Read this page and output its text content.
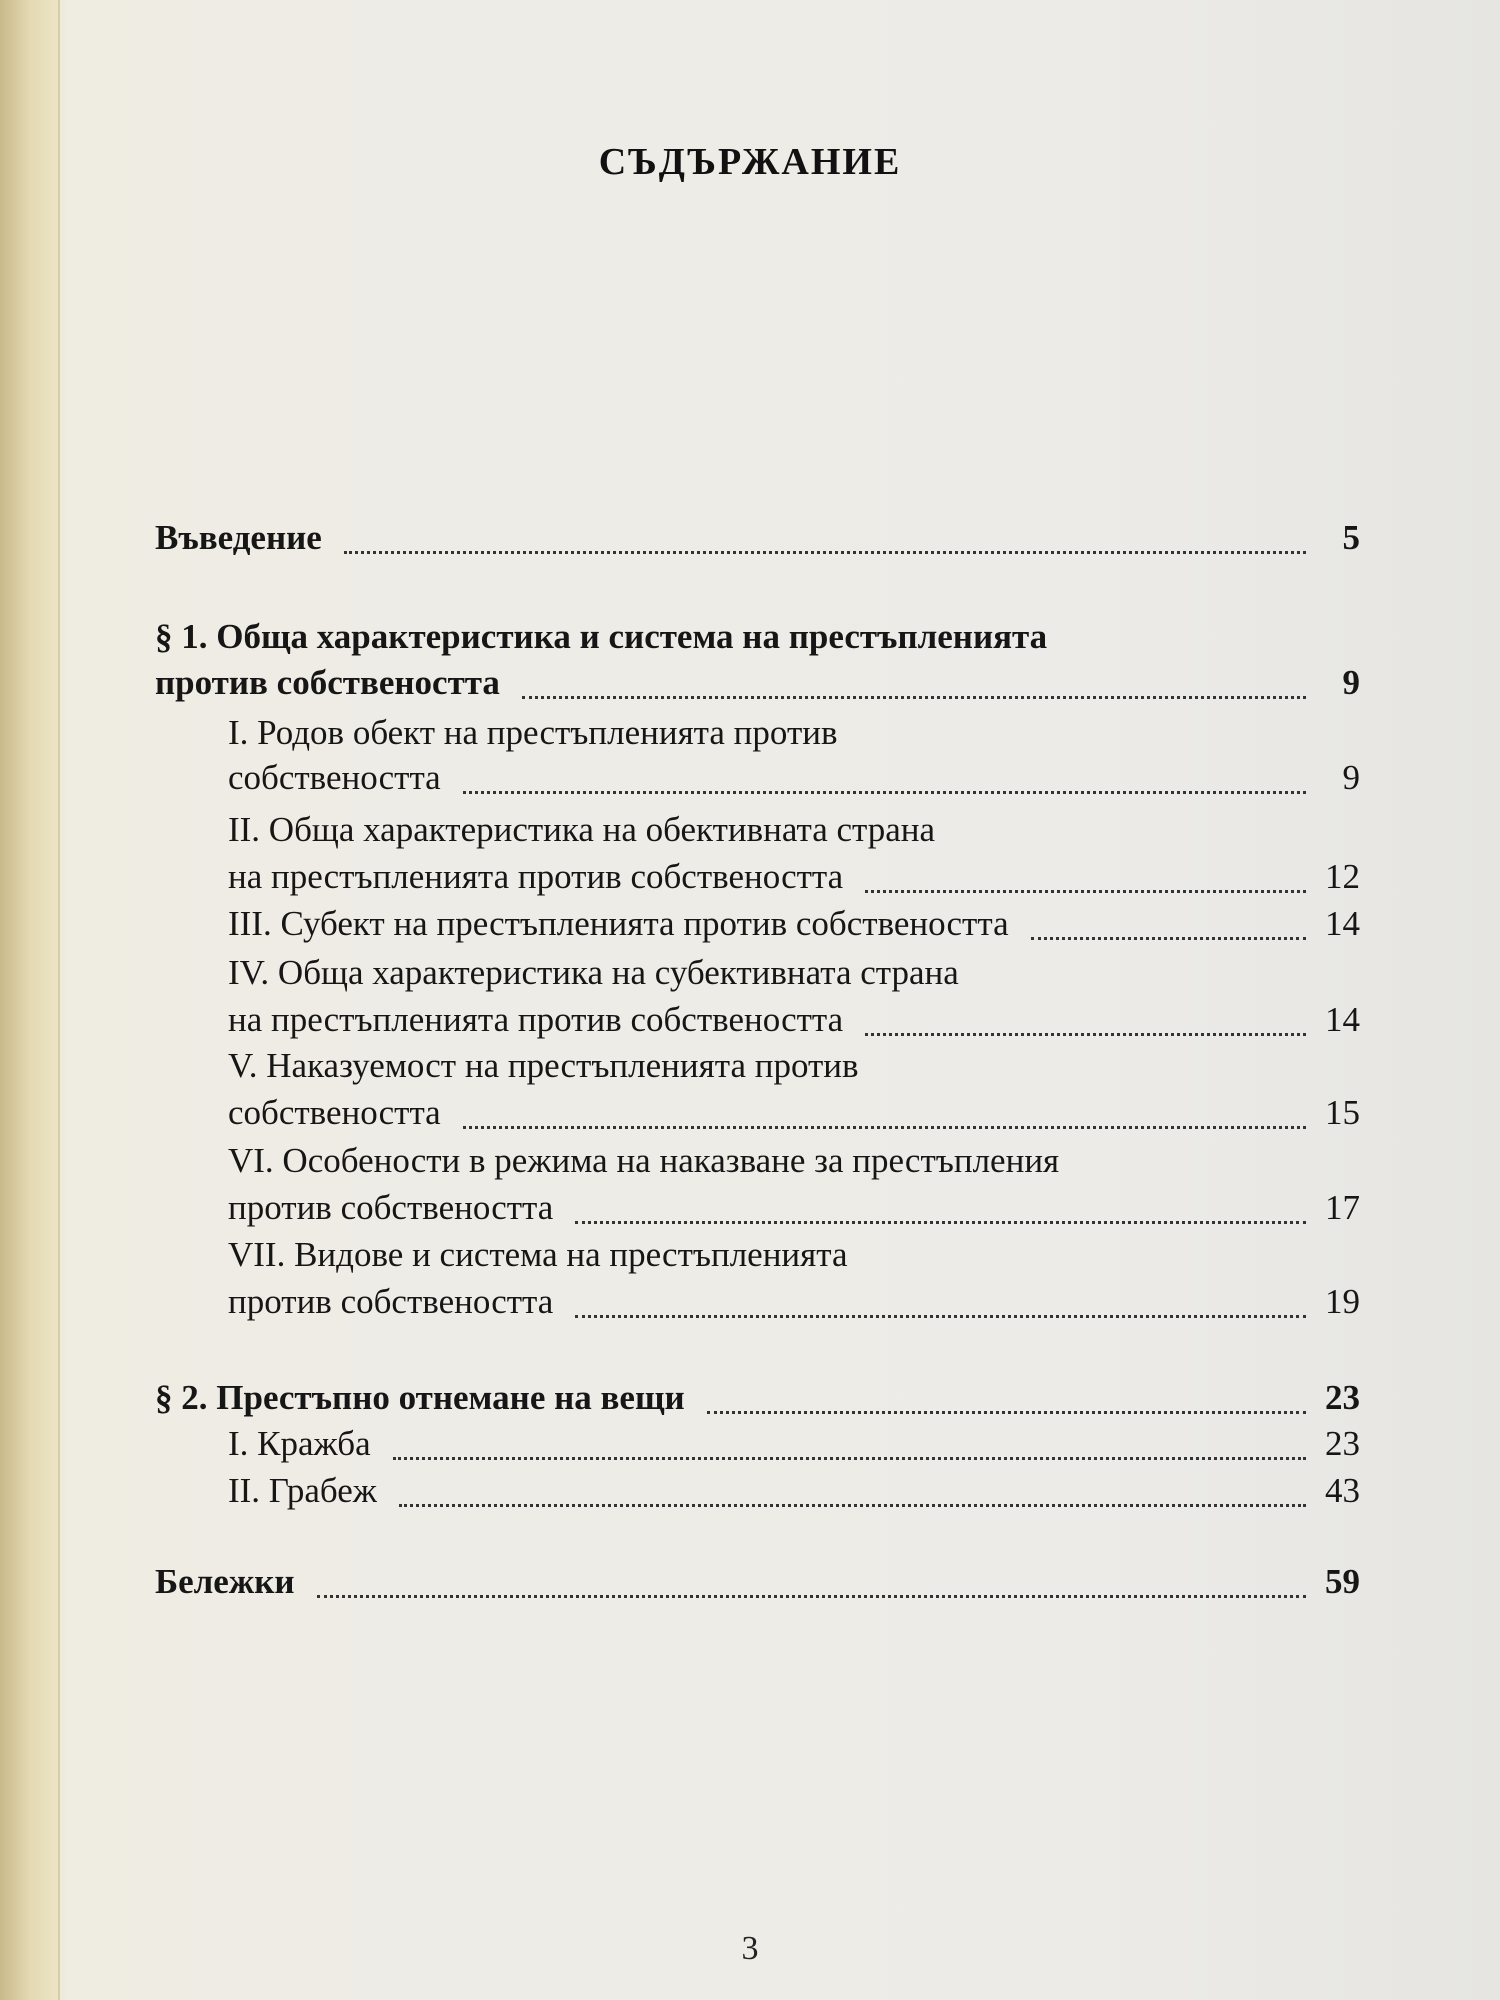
СЪДЪРЖАНИЕ
Въведение	5
§ 1. Обща характеристика и система на престъпленията
против собствеността	9
I. Родов обект на престъпленията против
собствеността	9
II. Обща характеристика на обективната страна
на престъпленията против собствеността	12
III. Субект на престъпленията против собствеността	14
IV. Обща характеристика на субективната страна
на престъпленията против собствеността	14
V. Наказуемост на престъпленията против
собствеността	15
VI. Особености в режима на наказване за престъпления
против собствеността	17
VII. Видове и система на престъпленията
против собствеността	19
§ 2. Престъпно отнемане на вещи	23
I. Кражба	23
II. Грабеж	43
Бележки	59
3
